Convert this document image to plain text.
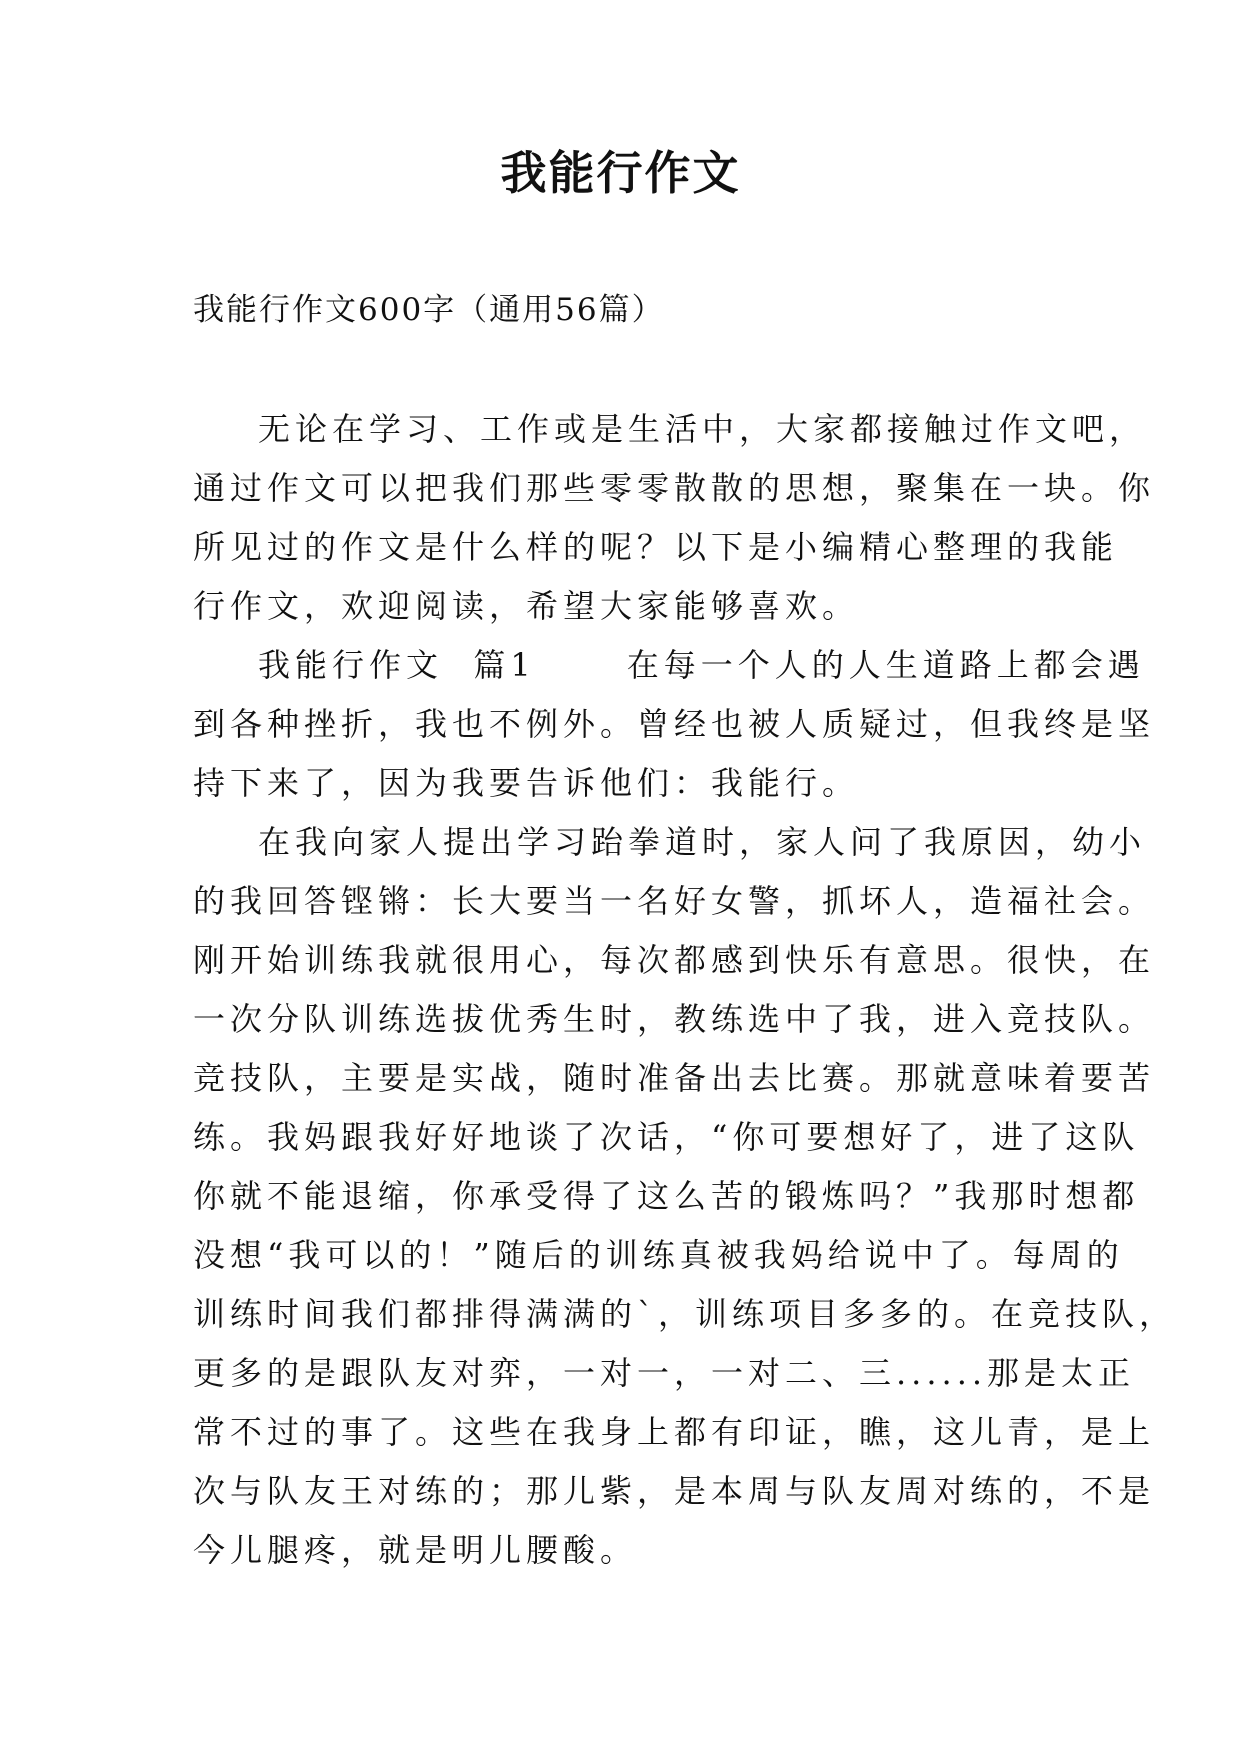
我能行作文
我能行作文600字（通用56篇）
无论在学习、工作或是生活中，大家都接触过作文吧，
通过作文可以把我们那些零零散散的思想，聚集在一块。你
所见过的作文是什么样的呢？以下是小编精心整理的我能
行作文，欢迎阅读，希望大家能够喜欢。
我能行作文  篇1      在每一个人的人生道路上都会遇
到各种挫折，我也不例外。曾经也被人质疑过，但我终是坚
持下来了，因为我要告诉他们：我能行。
在我向家人提出学习跆拳道时，家人问了我原因，幼小
的我回答铿锵：长大要当一名好女警，抓坏人，造福社会。
刚开始训练我就很用心，每次都感到快乐有意思。很快，在
一次分队训练选拔优秀生时，教练选中了我，进入竞技队。
竞技队，主要是实战，随时准备出去比赛。那就意味着要苦
练。我妈跟我好好地谈了次话，“你可要想好了，进了这队
你就不能退缩，你承受得了这么苦的锻炼吗？”我那时想都
没想“我可以的！”随后的训练真被我妈给说中了。每周的
训练时间我们都排得满满的`，训练项目多多的。在竞技队，
更多的是跟队友对弈，一对一，一对二、三......那是太正
常不过的事了。这些在我身上都有印证，瞧，这儿青，是上
次与队友王对练的；那儿紫，是本周与队友周对练的，不是
今儿腿疼，就是明儿腰酸。
